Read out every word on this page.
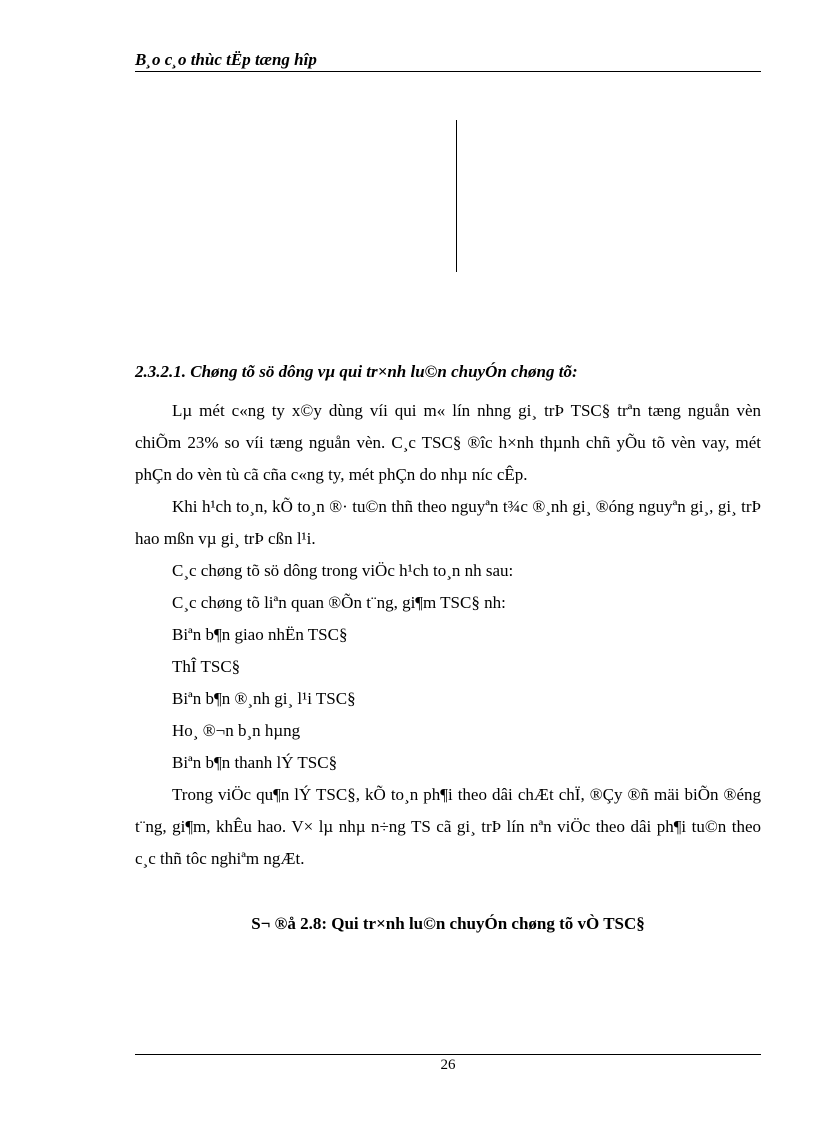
B¸o c¸o thùc tËp tæng hîp
2.3.2.1. Chøng tõ sö dông vµ qui tr×nh lu©n chuyÓn chøng tõ:

Lµ mét c«ng ty x©y dùng víi qui m« lín nhng gi¸ trÞ TSC§ trªn tæng nguån vèn chiÕm 23% so víi tæng nguån vèn. C¸c TSC§ ®îc h×nh thµnh chñ yÕu tõ vèn vay, mét phÇn do vèn tù cã cña c«ng ty, mét phÇn do nhµ níc cÊp.

Khi h¹ch to¸n, kÕ to¸n ®· tu©n thñ theo nguyªn t¾c ®¸nh gi¸ ®óng nguyªn gi¸, gi¸ trÞ hao mßn vµ gi¸ trÞ cßn l¹i.

C¸c chøng tõ sö dông trong viÖc h¹ch to¸n nh sau:

C¸c chøng tõ liªn quan ®Õn t¨ng, gi¶m TSC§ nh:

Biªn b¶n giao nhËn TSC§

ThÎ TSC§

Biªn b¶n ®¸nh gi¸ l¹i TSC§

Ho¸ ®¬n b¸n hµng

Biªn b¶n thanh lÝ TSC§

Trong viÖc qu¶n lÝ TSC§, kÕ to¸n ph¶i theo dâi chÆt chÏ, ®Çy ®ñ mäi biÕn ®éng t¨ng, gi¶m, khÊu hao. V× lµ nhµ n÷ng TS cã gi¸ trÞ lín nªn viÖc theo dâi ph¶i tu©n theo c¸c thñ tôc nghiªm ngÆt.

S¬ ®å 2.8: Qui tr×nh lu©n chuyÓn chøng tõ vÒ TSC§
26
